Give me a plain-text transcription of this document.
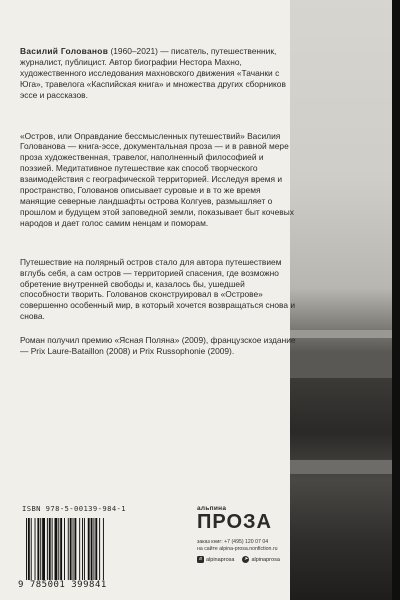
Василий Голованов (1960–2021) — писатель, путешественник, журналист, публицист. Автор биографии Нестора Махно, художественного исследования махновского движения «Тачанки с Юга», травелога «Каспийская книга» и множества других сборников эссе и рассказов.

«Остров, или Оправдание бессмысленных путешествий» Василия Голованова — книга-эссе, документальная проза — и в равной мере проза художественная, травелог, наполненный философией и поэзией. Медитативное путешествие как способ творческого взаимодействия с географической территорией. Исследуя время и пространство, Голованов описывает суровые и в то же время манящие северные ландшафты острова Колгуев, размышляет о прошлом и будущем этой заповедной земли, показывает быт кочевых народов и дает голос самим ненцам и поморам.

Путешествие на полярный остров стало для автора путешествием вглубь себя, а сам остров — территорией спасения, где возможно обретение внутренней свободы и, казалось бы, ушедшей способности творить. Голованов сконструировал в «Острове» совершенно особенный мир, в который хочется возвращаться снова и снова.

Роман получил премию «Ясная Поляна» (2009), французское издание — Prix Laure-Bataillon (2008) и Prix Russophonie (2009).

ISBN 978-5-00139-984-1
9 785001 399841
альпина
ПРОЗА
заказ книг: +7 (495) 120 07 04
на сайте alpina-prosa.nonfiction.ru
в alpinaprosa ➤ alpinaprosa
